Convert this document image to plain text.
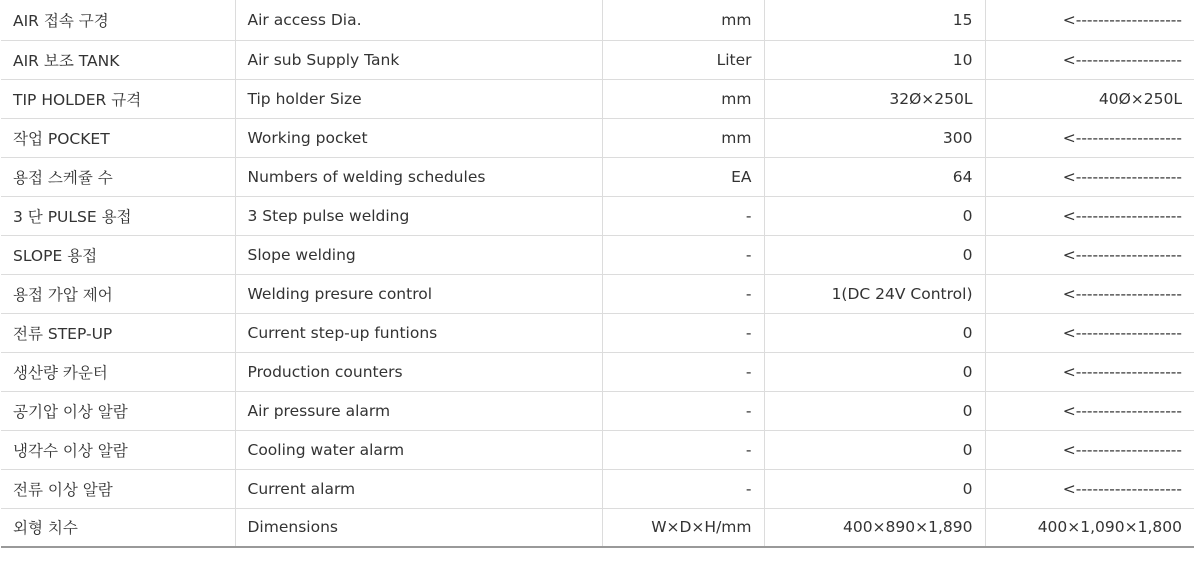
AIR 접속 구경	Air access Dia.	mm	15	<-------------------
AIR 보조 TANK	Air sub Supply Tank	Liter	10	<-------------------
TIP HOLDER 규격	Tip holder Size	mm	32Ø×250L	40Ø×250L
작업 POCKET	Working pocket	mm	300	<-------------------
용접 스케쥴 수	Numbers of welding schedules	EA	64	<-------------------
3 단 PULSE 용접	3 Step pulse welding	-	0	<-------------------
SLOPE 용접	Slope welding	-	0	<-------------------
용접 가압 제어	Welding presure control	-	1(DC 24V Control)	<-------------------
전류 STEP-UP	Current step-up funtions	-	0	<-------------------
생산량 카운터	Production counters	-	0	<-------------------
공기압 이상 알람	Air pressure alarm	-	0	<-------------------
냉각수 이상 알람	Cooling water alarm	-	0	<-------------------
전류 이상 알람	Current alarm	-	0	<-------------------
외형 치수	Dimensions	W×D×H/mm	400×890×1,890	400×1,090×1,800
